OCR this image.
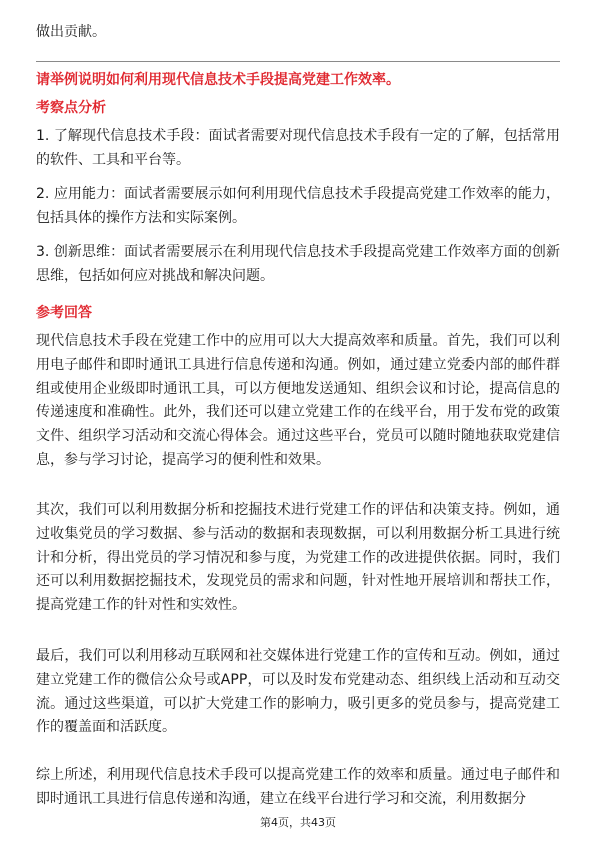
做出贡献。

请举例说明如何利用现代信息技术手段提高党建工作效率。

考察点分析

1. 了解现代信息技术手段：面试者需要对现代信息技术手段有一定的了解，包括常用的软件、工具和平台等。

2. 应用能力：面试者需要展示如何利用现代信息技术手段提高党建工作效率的能力，包括具体的操作方法和实际案例。

3. 创新思维：面试者需要展示在利用现代信息技术手段提高党建工作效率方面的创新思维，包括如何应对挑战和解决问题。

参考回答

现代信息技术手段在党建工作中的应用可以大大提高效率和质量。首先，我们可以利用电子邮件和即时通讯工具进行信息传递和沟通。例如，通过建立党委内部的邮件群组或使用企业级即时通讯工具，可以方便地发送通知、组织会议和讨论，提高信息的传递速度和准确性。此外，我们还可以建立党建工作的在线平台，用于发布党的政策文件、组织学习活动和交流心得体会。通过这些平台，党员可以随时随地获取党建信息，参与学习讨论，提高学习的便利性和效果。

其次，我们可以利用数据分析和挖掘技术进行党建工作的评估和决策支持。例如，通过收集党员的学习数据、参与活动的数据和表现数据，可以利用数据分析工具进行统计和分析，得出党员的学习情况和参与度，为党建工作的改进提供依据。同时，我们还可以利用数据挖掘技术，发现党员的需求和问题，针对性地开展培训和帮扶工作，提高党建工作的针对性和实效性。

最后，我们可以利用移动互联网和社交媒体进行党建工作的宣传和互动。例如，通过建立党建工作的微信公众号或APP，可以及时发布党建动态、组织线上活动和互动交流。通过这些渠道，可以扩大党建工作的影响力，吸引更多的党员参与，提高党建工作的覆盖面和活跃度。

综上所述，利用现代信息技术手段可以提高党建工作的效率和质量。通过电子邮件和即时通讯工具进行信息传递和沟通，建立在线平台进行学习和交流，利用数据分

第4页，共43页
